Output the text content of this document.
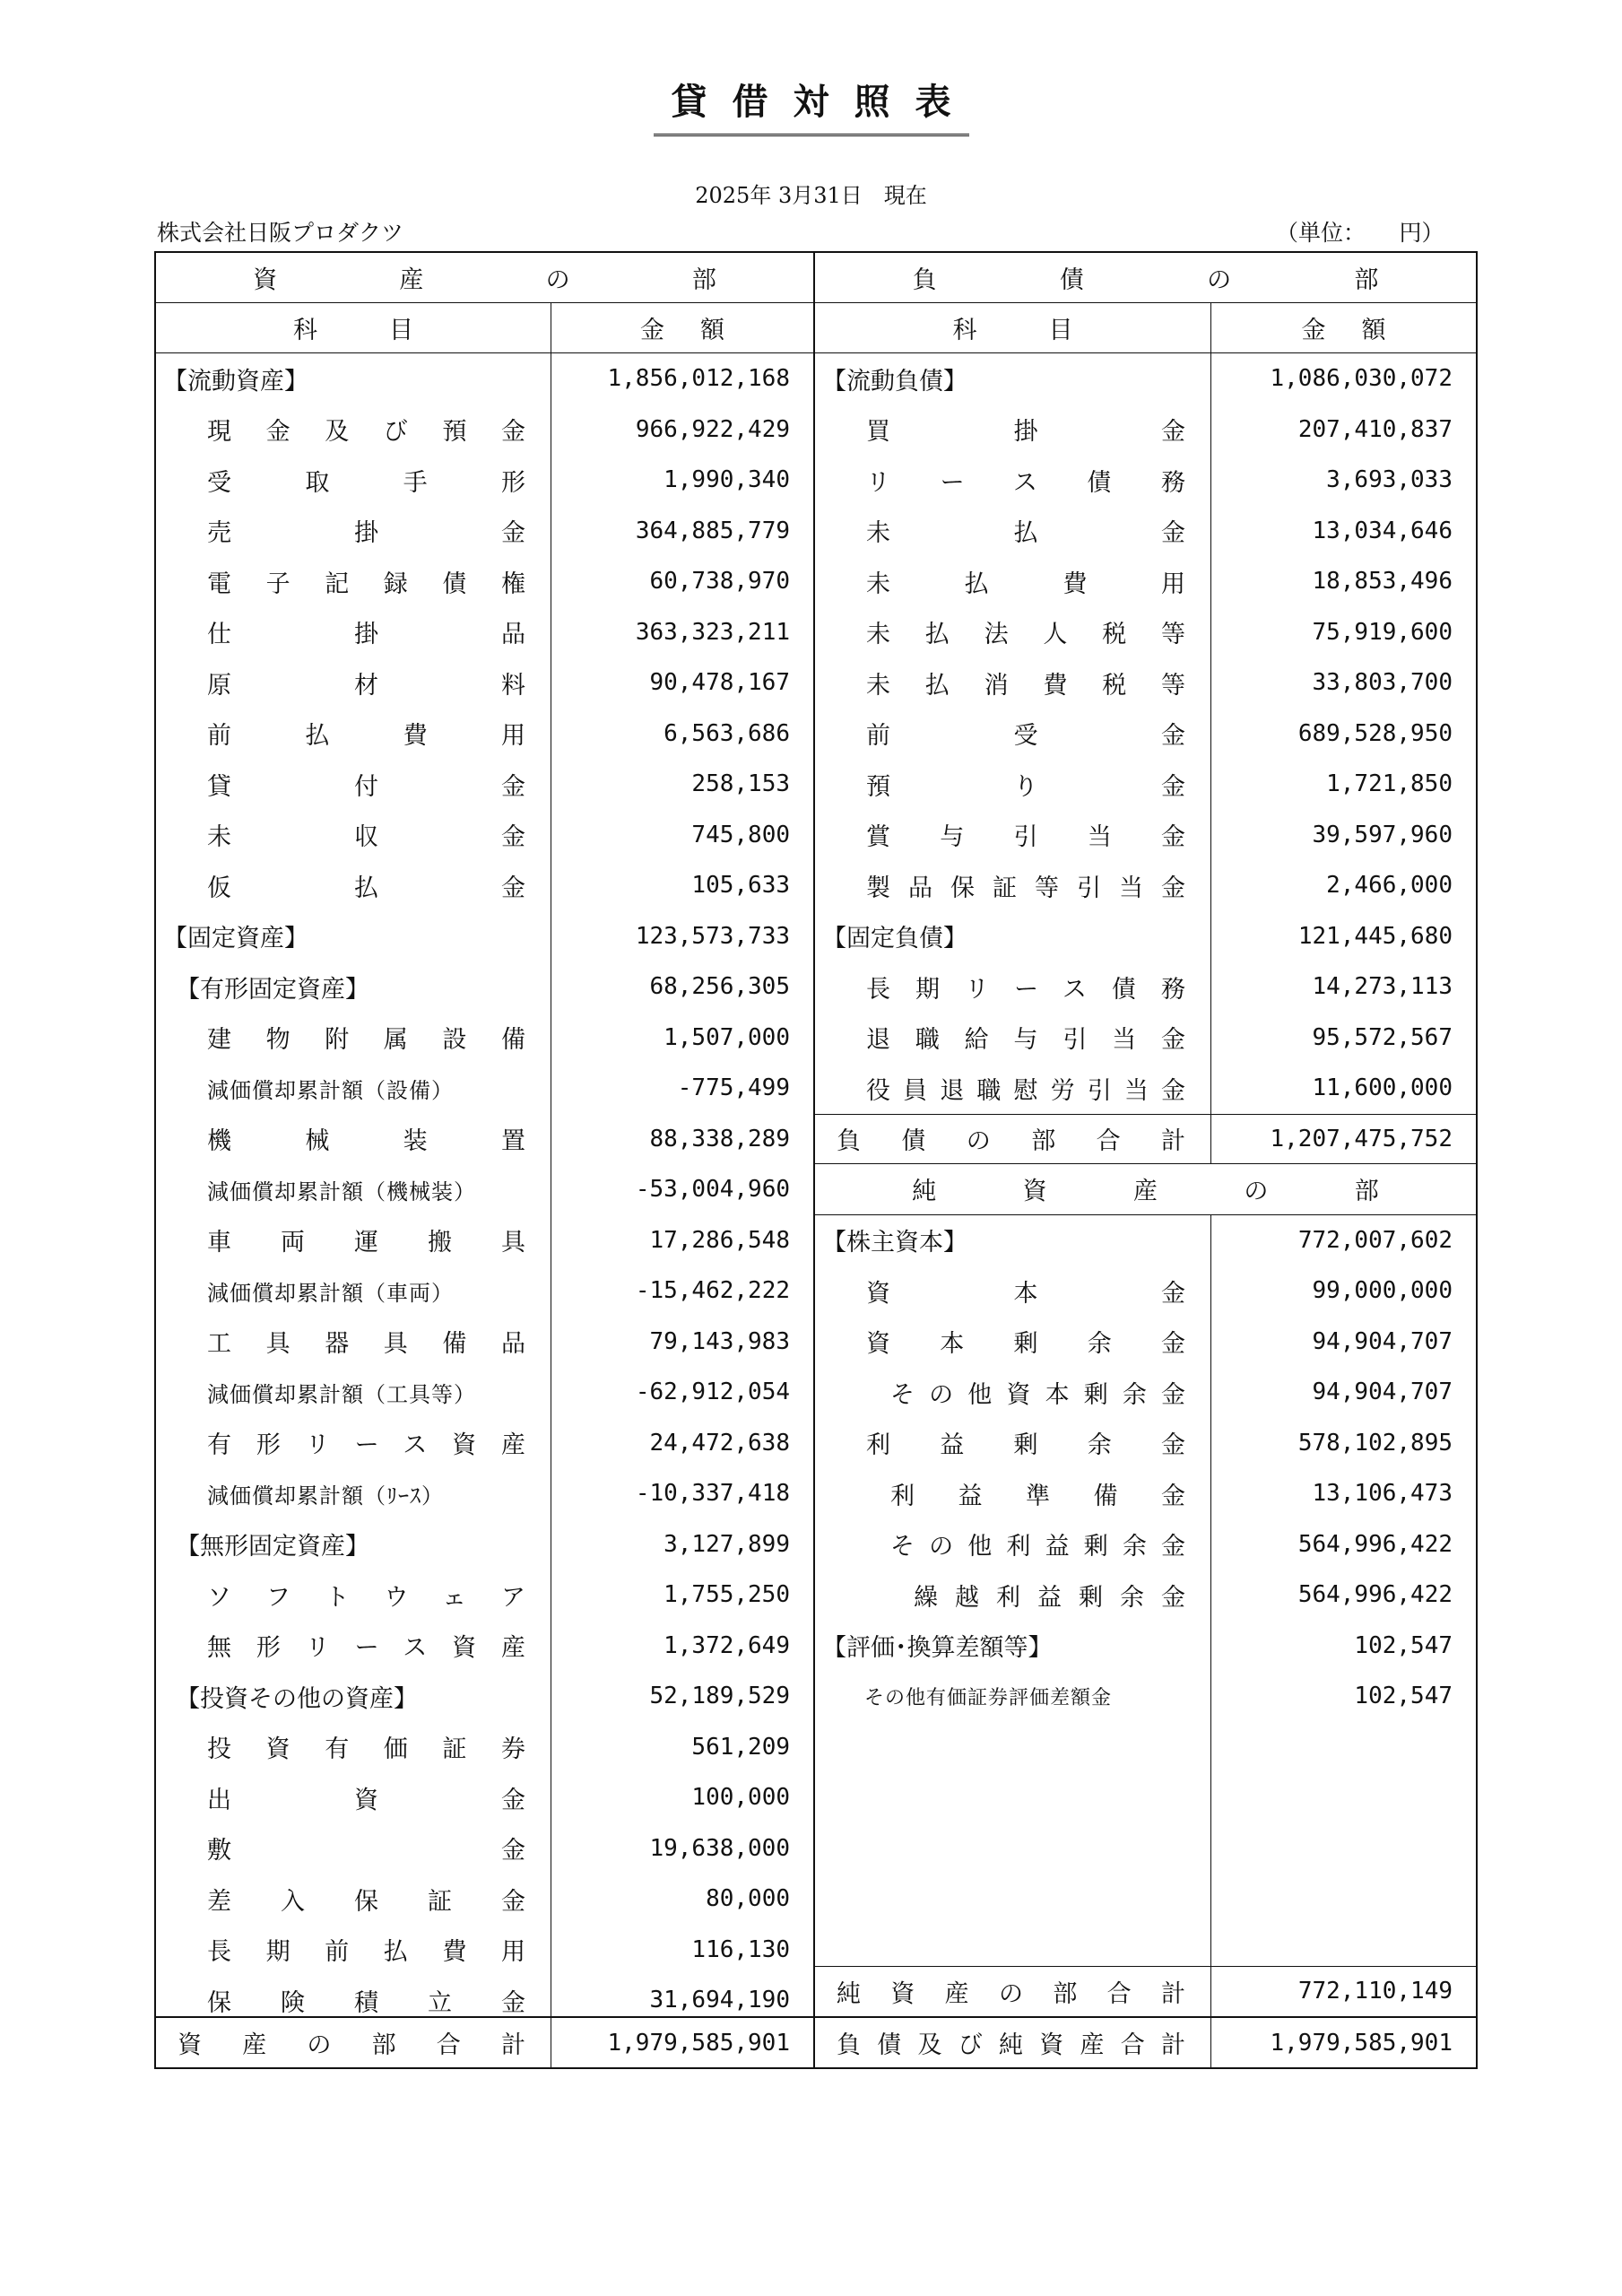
貸 借 対 照 表
2025年 3月31日　現在
株式会社日阪プロダクツ	（単位：　　円）
資	産	の	部
科	目	金 額
【流動資産】	1,856,012,168
現金及び預金	966,922,429
受取手形	1,990,340
売掛金	364,885,779
電子記録債権	60,738,970
仕掛品	363,323,211
原材料	90,478,167
前払費用	6,563,686
貸付金	258,153
未収金	745,800
仮払金	105,633
【固定資産】	123,573,733
【有形固定資産】	68,256,305
建物附属設備	1,507,000
減価償却累計額（設備）	-775,499
機械装置	88,338,289
減価償却累計額（機械装）	-53,004,960
車両運搬具	17,286,548
減価償却累計額（車両）	-15,462,222
工具器具備品	79,143,983
減価償却累計額（工具等）	-62,912,054
有形リース資産	24,472,638
減価償却累計額（ﾘｰｽ）	-10,337,418
【無形固定資産】	3,127,899
ソフトウェア	1,755,250
無形リース資産	1,372,649
【投資その他の資産】	52,189,529
投資有価証券	561,209
出資金	100,000
敷金	19,638,000
差入保証金	80,000
長期前払費用	116,130
保険積立金	31,694,190
資産の部合計	1,979,585,901
負	債	の	部
科	目	金 額
【流動負債】	1,086,030,072
買掛金	207,410,837
リース債務	3,693,033
未払金	13,034,646
未払費用	18,853,496
未払法人税等	75,919,600
未払消費税等	33,803,700
前受金	689,528,950
預り金	1,721,850
賞与引当金	39,597,960
製品保証等引当金	2,466,000
【固定負債】	121,445,680
長期リース債務	14,273,113
退職給与引当金	95,572,567
役員退職慰労引当金	11,600,000
負債の部合計	1,207,475,752
純	資	産	の	部
【株主資本】	772,007,602
資本金	99,000,000
資本剰余金	94,904,707
その他資本剰余金	94,904,707
利益剰余金	578,102,895
利益準備金	13,106,473
その他利益剰余金	564,996,422
繰越利益剰余金	564,996,422
【評価･換算差額等】	102,547
その他有価証券評価差額金	102,547
純資産の部合計	772,110,149
負債及び純資産合計	1,979,585,901
